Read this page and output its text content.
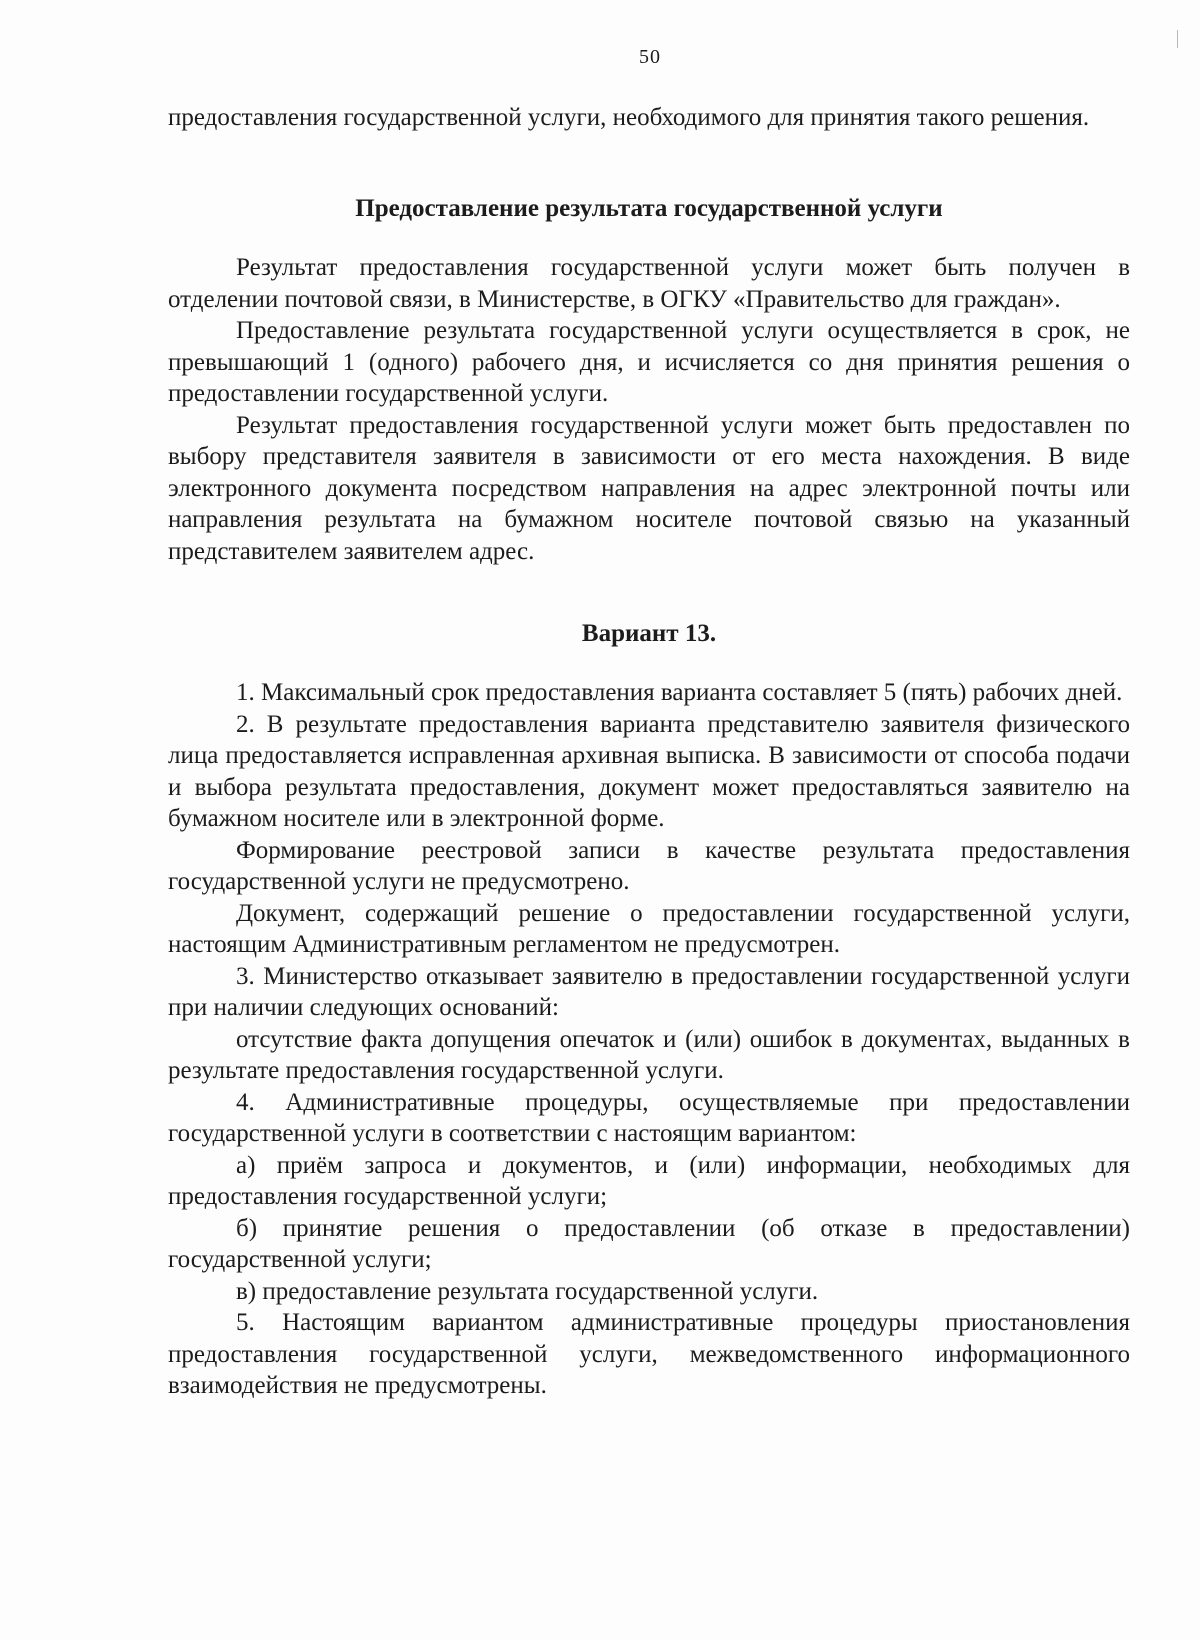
50

предоставления государственной услуги, необходимого для принятия такого решения.

Предоставление результата государственной услуги

Результат предоставления государственной услуги может быть получен в отделении почтовой связи, в Министерстве, в ОГКУ «Правительство для граждан».

Предоставление результата государственной услуги осуществляется в срок, не превышающий 1 (одного) рабочего дня, и исчисляется со дня принятия решения о предоставлении государственной услуги.

Результат предоставления государственной услуги может быть предоставлен по выбору представителя заявителя в зависимости от его места нахождения. В виде электронного документа посредством направления на адрес электронной почты или направления результата на бумажном носителе почтовой связью на указанный представителем заявителем адрес.

Вариант 13.

1. Максимальный срок предоставления варианта составляет 5 (пять) рабочих дней.

2. В результате предоставления варианта представителю заявителя физического лица предоставляется исправленная архивная выписка. В зависимости от способа подачи и выбора результата предоставления, документ может предоставляться заявителю на бумажном носителе или в электронной форме.

Формирование реестровой записи в качестве результата предоставления государственной услуги не предусмотрено.

Документ, содержащий решение о предоставлении государственной услуги, настоящим Административным регламентом не предусмотрен.

3. Министерство отказывает заявителю в предоставлении государственной услуги при наличии следующих оснований:

отсутствие факта допущения опечаток и (или) ошибок в документах, выданных в результате предоставления государственной услуги.

4. Административные процедуры, осуществляемые при предоставлении государственной услуги в соответствии с настоящим вариантом:

а) приём запроса и документов, и (или) информации, необходимых для предоставления государственной услуги;

б) принятие решения о предоставлении (об отказе в предоставлении) государственной услуги;

в) предоставление результата государственной услуги.

5. Настоящим вариантом административные процедуры приостановления предоставления государственной услуги, межведомственного информационного взаимодействия не предусмотрены.
